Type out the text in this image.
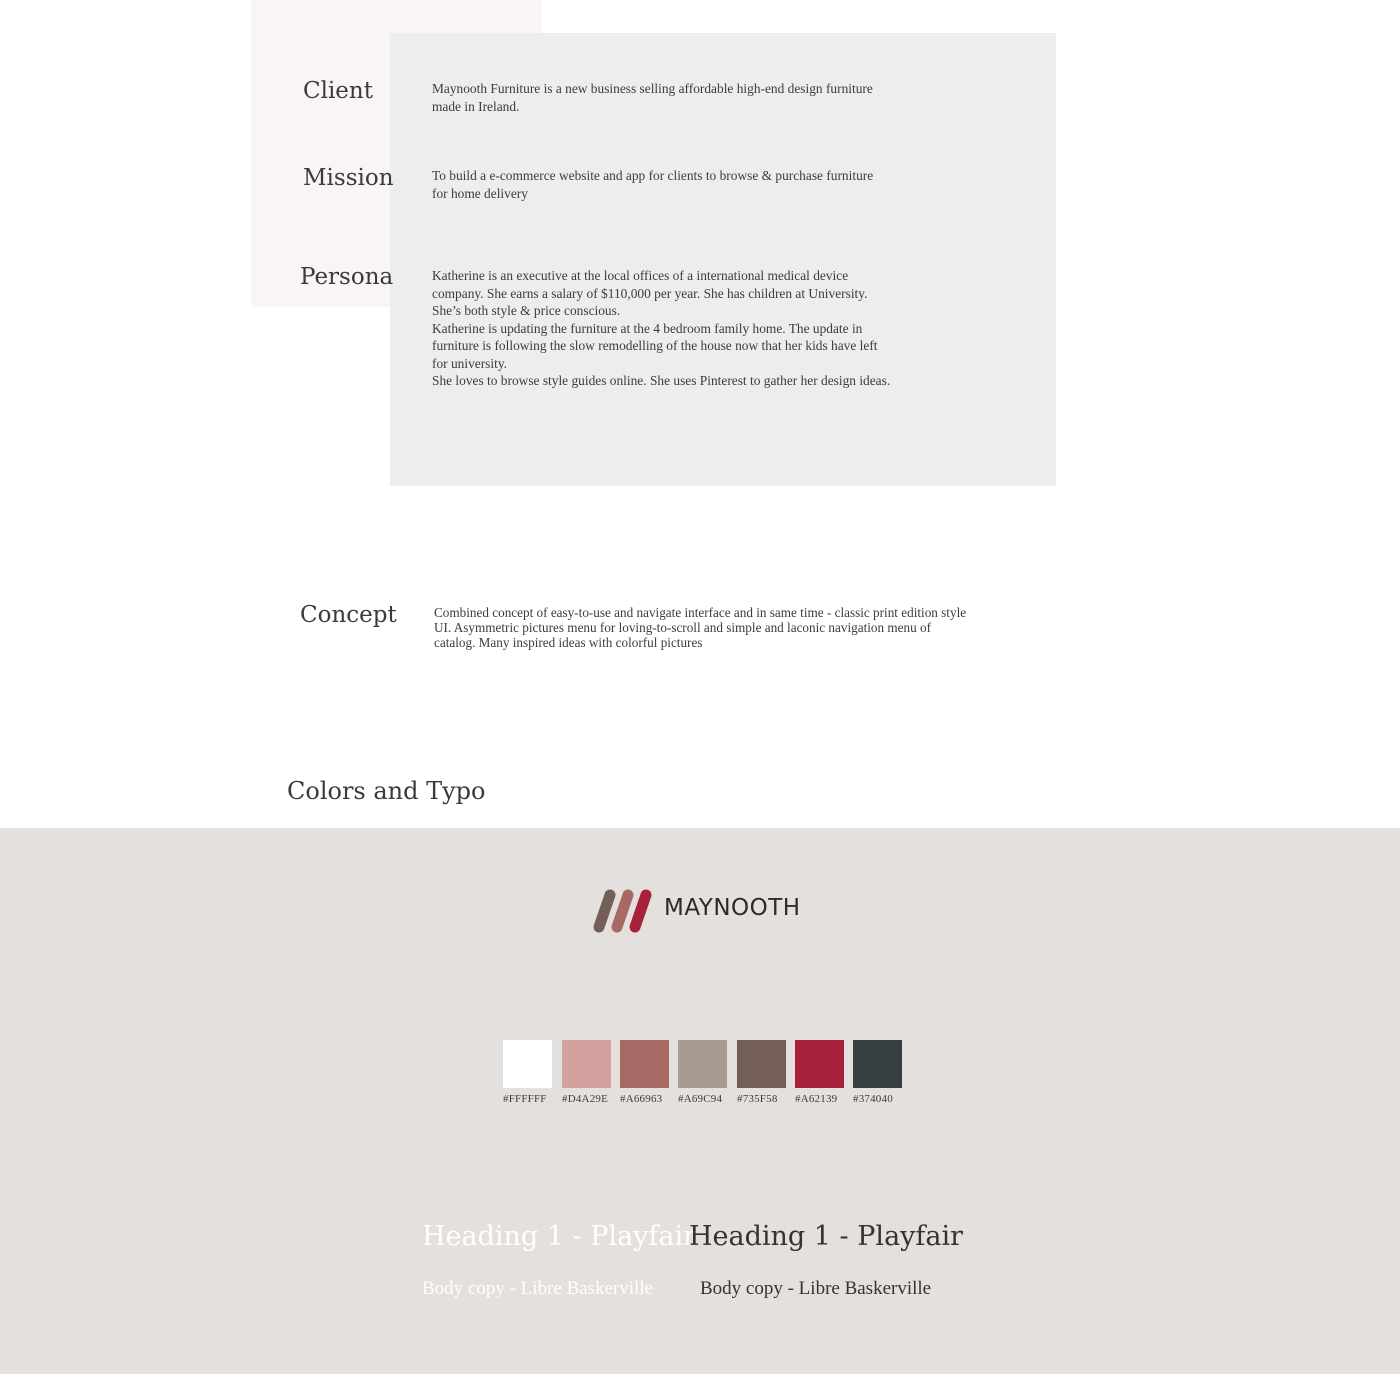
Client	Maynooth Furniture is a new business selling affordable high-end design furniture
made in Ireland.

Mission	To build a e-commerce website and app for clients to browse & purchase furniture
for home delivery

Persona	Katherine is an executive at the local offices of a international medical device
company. She earns a salary of $110,000 per year. She has children at University.
She’s both style & price conscious.
Katherine is updating the furniture at the 4 bedroom family home. The update in
furniture is following the slow remodelling of the house now that her kids have left
for university.
She loves to browse style guides online. She uses Pinterest to gather her design ideas.

Concept	Combined concept of easy-to-use and navigate interface and in same time - classic print edition style
UI. Asymmetric pictures menu for loving-to-scroll and simple and laconic navigation menu of
catalog. Many inspired ideas with colorful pictures

Colors and Typo
MAYNOOTH
#FFFFFF	#D4A29E	#A66963	#A69C94	#735F58	#A62139	#374040
Heading 1 - Playfair
Heading 1 - Playfair

Body copy - Libre Baskerville Body copy - Libre Baskerville
